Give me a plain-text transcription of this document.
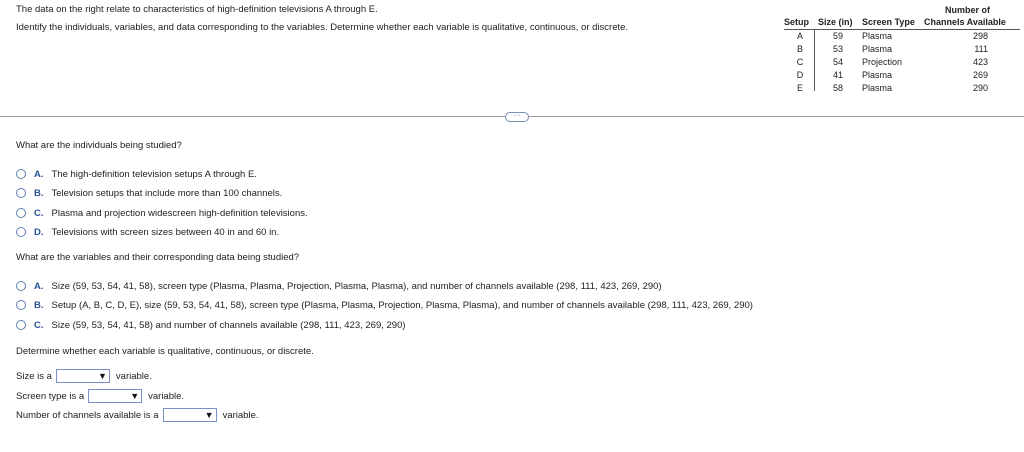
The data on the right relate to characteristics of high-definition televisions A through E.
Identify the individuals, variables, and data corresponding to the variables. Determine whether each variable is qualitative, continuous, or discrete.
Number of
Setup Size (in) Screen Type Channels Available
A	59	Plasma	298
B	53	Plasma	111
C	54	Projection	423
D	41	Plasma	269
E	58	Plasma	290
···
What are the individuals being studied?
A. The high-definition television setups A through E.
B. Television setups that include more than 100 channels.
C. Plasma and projection widescreen high-definition televisions.
D. Televisions with screen sizes between 40 in and 60 in.
What are the variables and their corresponding data being studied?
A. Size (59, 53, 54, 41, 58), screen type (Plasma, Plasma, Projection, Plasma, Plasma), and number of channels available (298, 111, 423, 269, 290)
B. Setup (A, B, C, D, E), size (59, 53, 54, 41, 58), screen type (Plasma, Plasma, Projection, Plasma, Plasma), and number of channels available (298, 111, 423, 269, 290)
C. Size (59, 53, 54, 41, 58) and number of channels available (298, 111, 423, 269, 290)
Determine whether each variable is qualitative, continuous, or discrete.
Size is a	▼ variable.
Screen type is a	▼ variable.
Number of channels available is a	▼ variable.
